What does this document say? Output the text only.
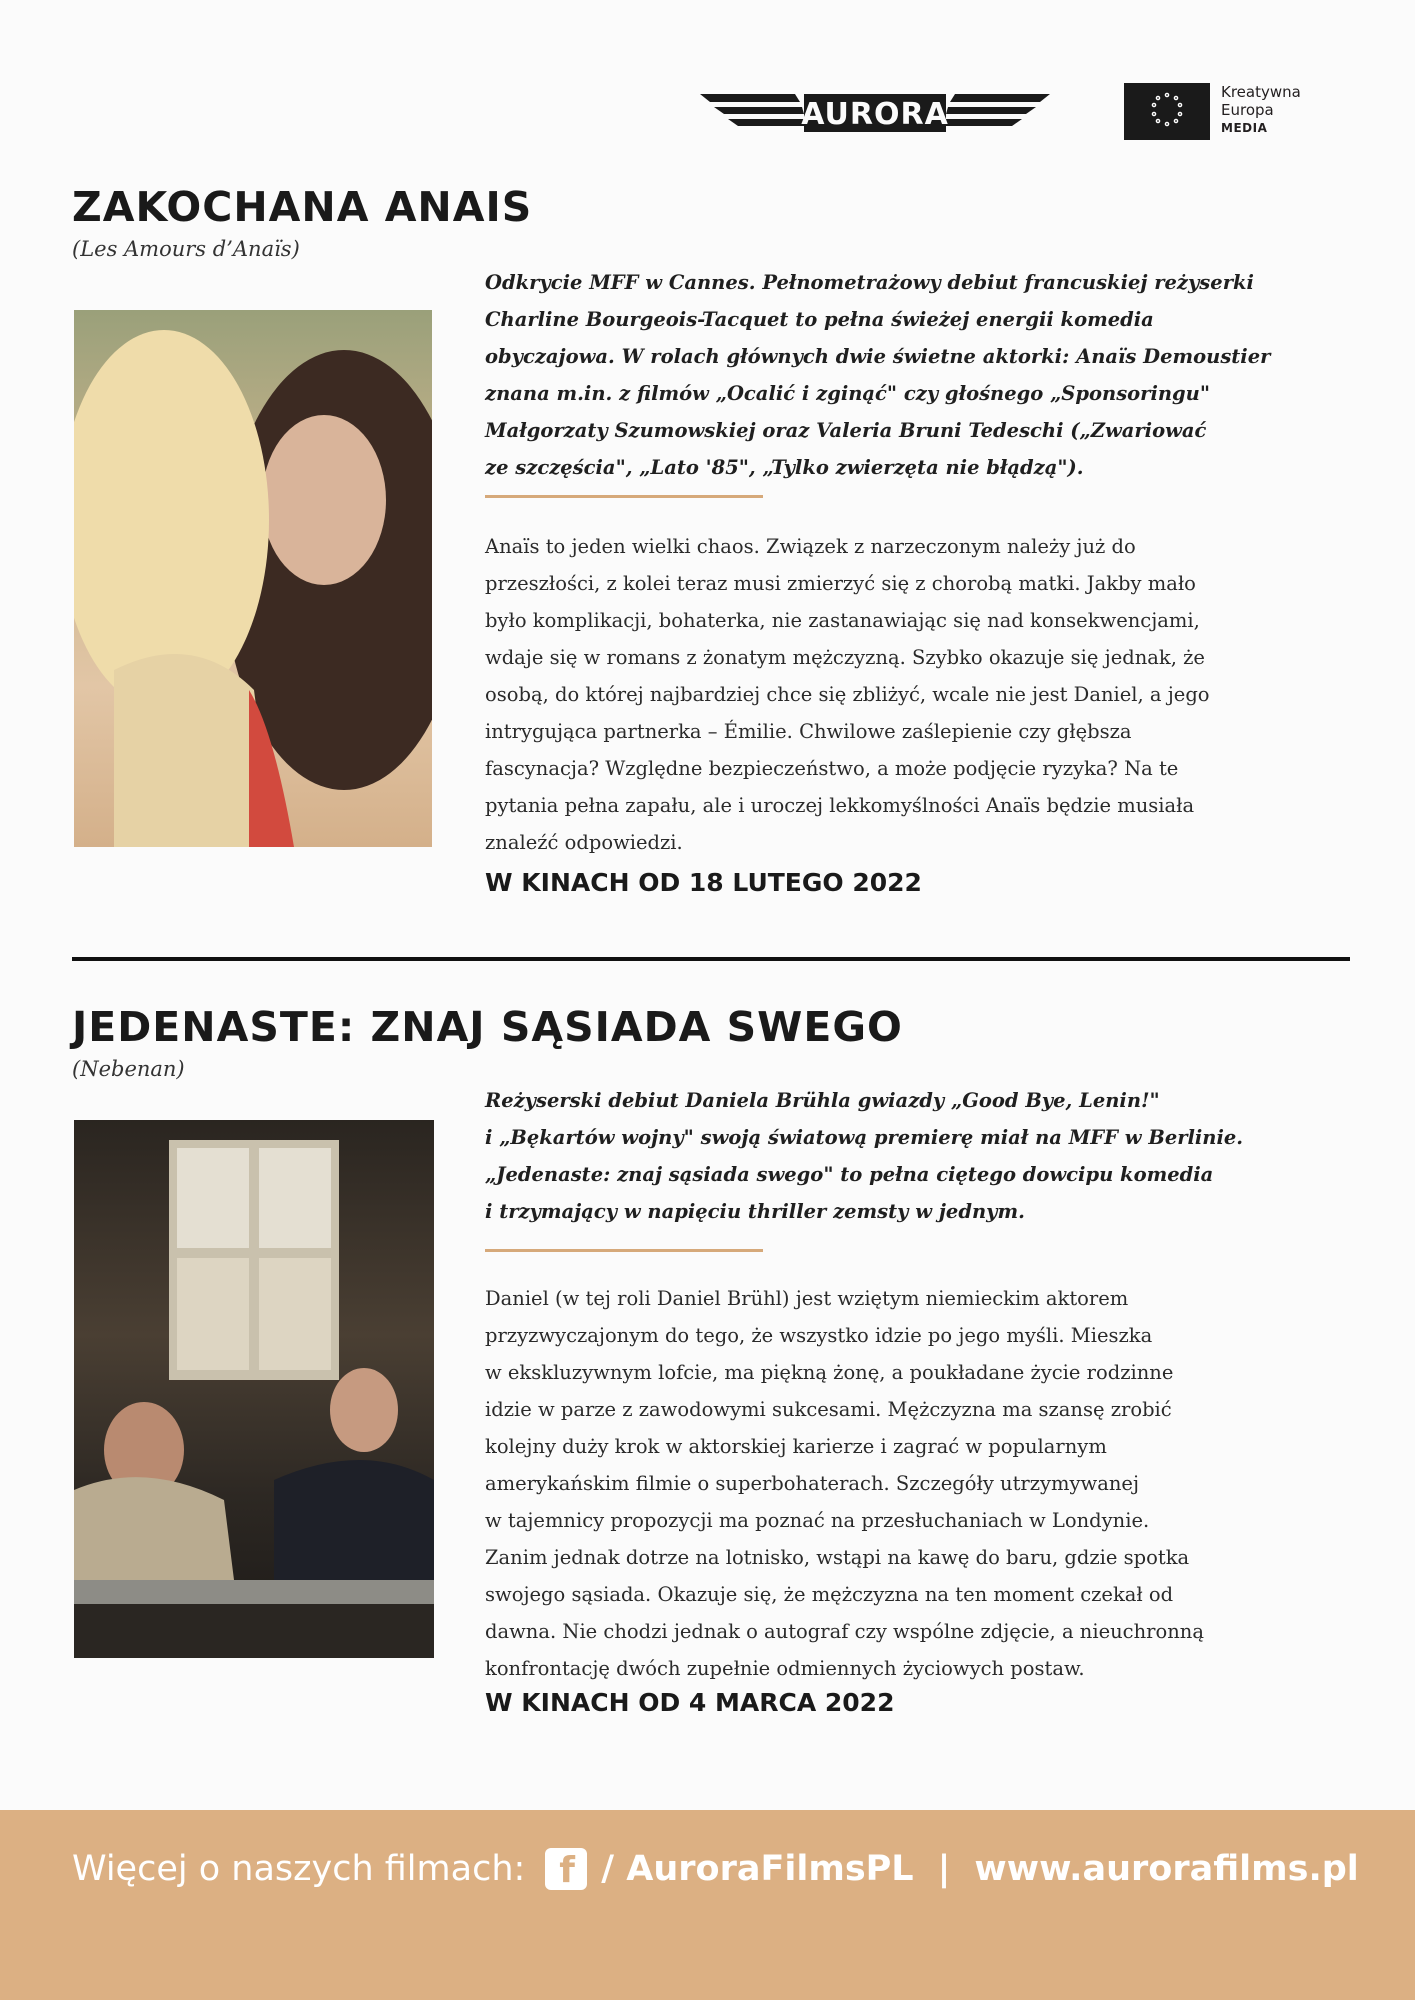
AURORA
Kreatywna
Europa
MEDIA
ZAKOCHANA ANAIS
(Les Amours d’Anaïs)
Odkrycie MFF w Cannes. Pełnometrażowy debiut francuskiej reżyserki
Charline Bourgeois-Tacquet to pełna świeżej energii komedia
obyczajowa. W rolach głównych dwie świetne aktorki: Anaïs Demoustier
znana m.in. z filmów „Ocalić i zginąć" czy głośnego „Sponsoringu"
Małgorzaty Szumowskiej oraz Valeria Bruni Tedeschi („Zwariować
ze szczęścia", „Lato '85", „Tylko zwierzęta nie błądzą").
Anaïs to jeden wielki chaos. Związek z narzeczonym należy już do
przeszłości, z kolei teraz musi zmierzyć się z chorobą matki. Jakby mało
było komplikacji, bohaterka, nie zastanawiając się nad konsekwencjami,
wdaje się w romans z żonatym mężczyzną. Szybko okazuje się jednak, że
osobą, do której najbardziej chce się zbliżyć, wcale nie jest Daniel, a jego
intrygująca partnerka – Émilie. Chwilowe zaślepienie czy głębsza
fascynacja? Względne bezpieczeństwo, a może podjęcie ryzyka? Na te
pytania pełna zapału, ale i uroczej lekkomyślności Anaïs będzie musiała
znaleźć odpowiedzi.
W KINACH OD 18 LUTEGO 2022
JEDENASTE: ZNAJ SĄSIADA SWEGO
(Nebenan)
Reżyserski debiut Daniela Brühla gwiazdy „Good Bye, Lenin!"
i „Bękartów wojny" swoją światową premierę miał na MFF w Berlinie.
„Jedenaste: znaj sąsiada swego" to pełna ciętego dowcipu komedia
i trzymający w napięciu thriller zemsty w jednym.
Daniel (w tej roli Daniel Brühl) jest wziętym niemieckim aktorem
przyzwyczajonym do tego, że wszystko idzie po jego myśli. Mieszka
w ekskluzywnym lofcie, ma piękną żonę, a poukładane życie rodzinne
idzie w parze z zawodowymi sukcesami. Mężczyzna ma szansę zrobić
kolejny duży krok w aktorskiej karierze i zagrać w popularnym
amerykańskim filmie o superbohaterach. Szczegóły utrzymywanej
w tajemnicy propozycji ma poznać na przesłuchaniach w Londynie.
Zanim jednak dotrze na lotnisko, wstąpi na kawę do baru, gdzie spotka
swojego sąsiada. Okazuje się, że mężczyzna na ten moment czekał od
dawna. Nie chodzi jednak o autograf czy wspólne zdjęcie, a nieuchronną
konfrontację dwóch zupełnie odmiennych życiowych postaw.
W KINACH OD 4 MARCA 2022
Więcej o naszych filmach: f / AuroraFilmsPL | www.aurorafilms.pl
